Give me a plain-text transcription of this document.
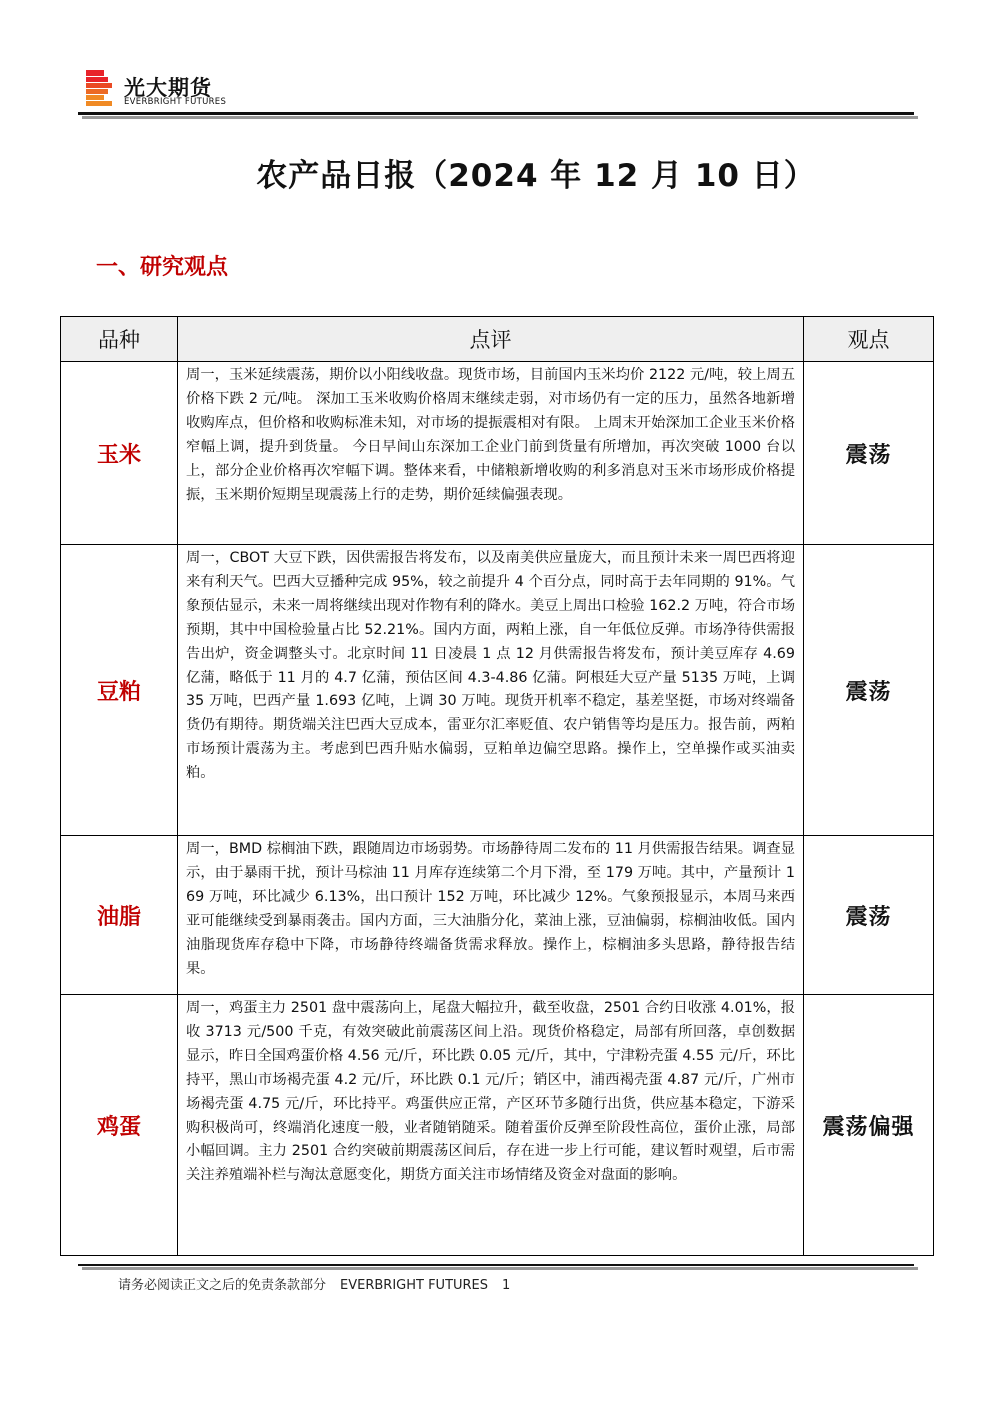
光大期货
EVERBRIGHT FUTURES
农产品日报（2024 年 12 月 10 日）
一、研究观点
品种	点评	观点
玉米	周一，玉米延续震荡，期价以小阳线收盘。现货市场，目前国内玉米均价 2122 元/吨，较上周五价格下跌 2 元/吨。 深加工玉米收购价格周末继续走弱，对市场仍有一定的压力，虽然各地新增收购库点，但价格和收购标准未知，对市场的提振震相对有限。 上周末开始深加工企业玉米价格窄幅上调，提升到货量。 今日早间山东深加工企业门前到货量有所增加，再次突破 1000 台以上，部分企业价格再次窄幅下调。整体来看，中储粮新增收购的利多消息对玉米市场形成价格提振，玉米期价短期呈现震荡上行的走势，期价延续偏强表现。	震荡
豆粕	周一，CBOT 大豆下跌，因供需报告将发布，以及南美供应量庞大，而且预计未来一周巴西将迎来有利天气。巴西大豆播种完成 95%，较之前提升 4 个百分点，同时高于去年同期的 91%。气象预估显示，未来一周将继续出现对作物有利的降水。美豆上周出口检验 162.2 万吨，符合市场预期，其中中国检验量占比 52.21%。国内方面，两粕上涨，自一年低位反弹。市场净待供需报告出炉，资金调整头寸。北京时间 11 日凌晨 1 点 12 月供需报告将发布，预计美豆库存 4.69 亿蒲，略低于 11 月的 4.7 亿蒲，预估区间 4.3-4.86 亿蒲。阿根廷大豆产量 5135 万吨，上调 35 万吨，巴西产量 1.693 亿吨，上调 30 万吨。现货开机率不稳定，基差坚挺，市场对终端备货仍有期待。期货端关注巴西大豆成本，雷亚尔汇率贬值、农户销售等均是压力。报告前，两粕市场预计震荡为主。考虑到巴西升贴水偏弱，豆粕单边偏空思路。操作上，空单操作或买油卖粕。	震荡
油脂	周一，BMD 棕榈油下跌，跟随周边市场弱势。市场静待周二发布的 11 月供需报告结果。调查显示，由于暴雨干扰，预计马棕油 11 月库存连续第二个月下滑，至 179 万吨。其中，产量预计 169 万吨，环比减少 6.13%，出口预计 152 万吨，环比减少 12%。气象预报显示，本周马来西亚可能继续受到暴雨袭击。国内方面，三大油脂分化，菜油上涨，豆油偏弱，棕榈油收低。国内油脂现货库存稳中下降，市场静待终端备货需求释放。操作上，棕榈油多头思路，静待报告结果。	震荡
鸡蛋	周一，鸡蛋主力 2501 盘中震荡向上，尾盘大幅拉升，截至收盘，2501 合约日收涨 4.01%，报收 3713 元/500 千克，有效突破此前震荡区间上沿。现货价格稳定，局部有所回落，卓创数据显示，昨日全国鸡蛋价格 4.56 元/斤，环比跌 0.05 元/斤，其中，宁津粉壳蛋 4.55 元/斤，环比持平，黑山市场褐壳蛋 4.2 元/斤，环比跌 0.1 元/斤；销区中，浦西褐壳蛋 4.87 元/斤，广州市场褐壳蛋 4.75 元/斤，环比持平。鸡蛋供应正常，产区环节多随行出货，供应基本稳定，下游采购积极尚可，终端消化速度一般，业者随销随采。随着蛋价反弹至阶段性高位，蛋价止涨，局部小幅回调。主力 2501 合约突破前期震荡区间后，存在进一步上行可能，建议暂时观望，后市需关注养殖端补栏与淘汰意愿变化，期货方面关注市场情绪及资金对盘面的影响。	震荡偏强
请务必阅读正文之后的免责条款部分 EVERBRIGHT FUTURES 1
